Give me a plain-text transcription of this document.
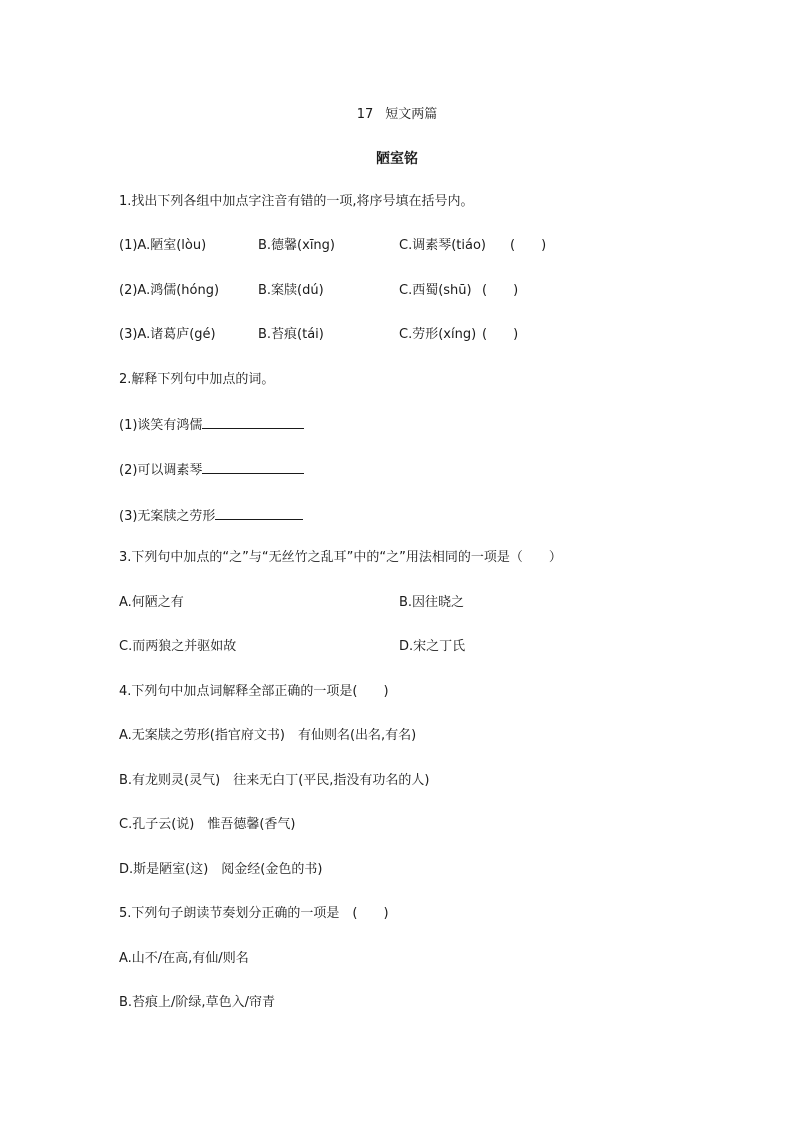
17 短文两篇
陋室铭
1.找出下列各组中加点字注音有错的一项,将序号填在括号内。
(1)A.陋室(lòu)	B.德馨(xīng)	C.调素琴(tiáo) (　　)
(2)A.鸿儒(hóng)	B.案牍(dú)	C.西蜀(shū) (　　)
(3)A.诸葛庐(gé)	B.苔痕(tái)	C.劳形(xíng) (　　)
2.解释下列句中加点的词。
(1)谈笑有鸿儒
(2)可以调素琴
(3)无案牍之劳形
3.下列句中加点的“之”与“无丝竹之乱耳”中的“之”用法相同的一项是（　　）
A.何陋之有	B.因往晓之
C.而两狼之并驱如故	D.宋之丁氏
4.下列句中加点词解释全部正确的一项是(　　)
A.无案牍之劳形(指官府文书)　有仙则名(出名,有名)
B.有龙则灵(灵气)　往来无白丁(平民,指没有功名的人)
C.孔子云(说)　惟吾德馨(香气)
D.斯是陋室(这)　阅金经(金色的书)
5.下列句子朗读节奏划分正确的一项是　(　　)
A.山不/在高,有仙/则名
B.苔痕上/阶绿,草色入/帘青
